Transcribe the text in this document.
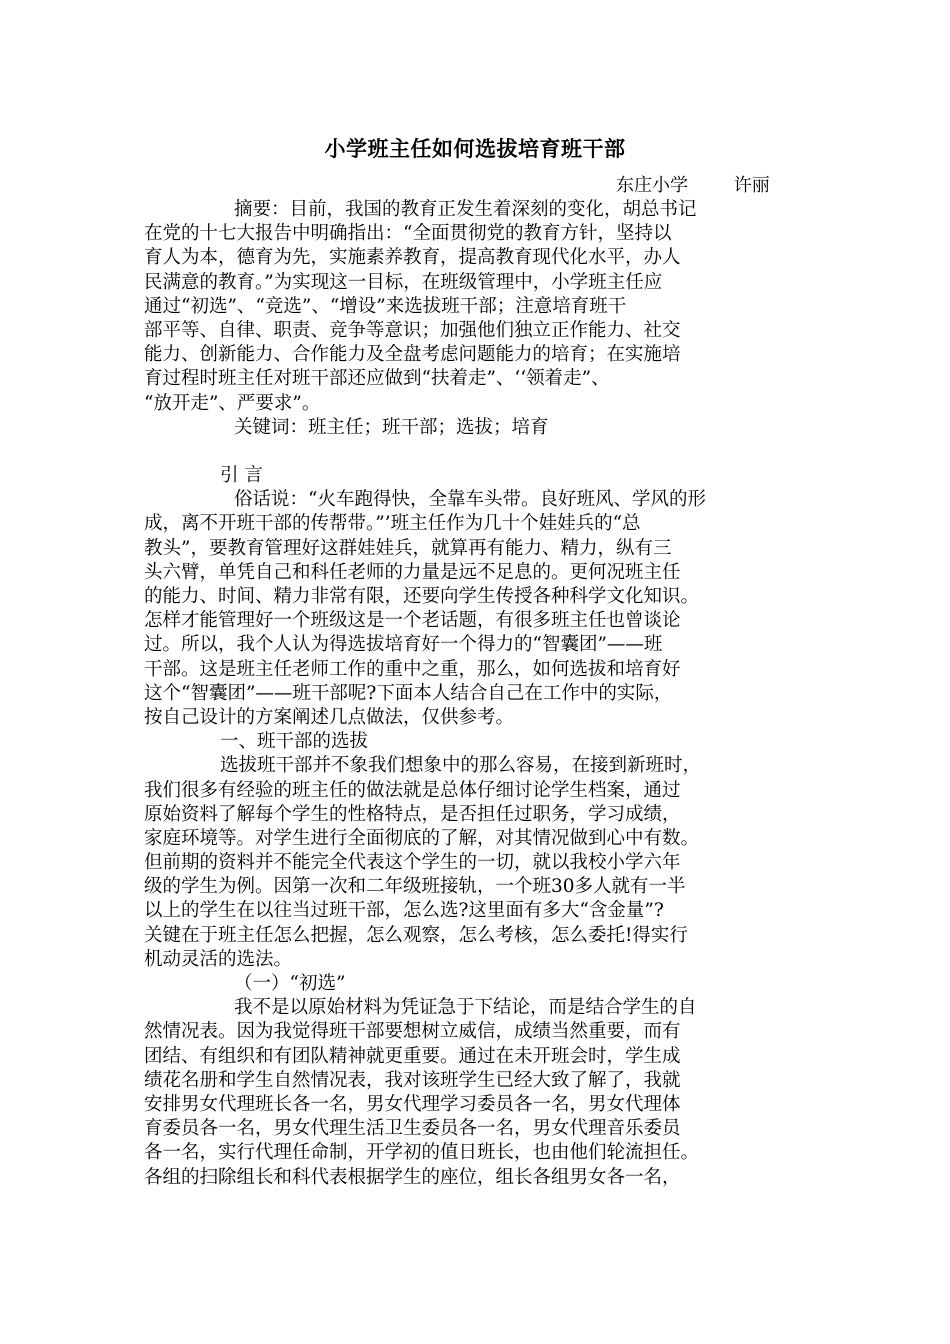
小学班主任如何选拔培育班干部
东庄小学        许丽
摘要：目前，我国的教育正发生着深刻的变化，胡总书记
在党的十七大报告中明确指出：“全面贯彻党的教育方针，坚持以
育人为本，德育为先，实施素养教育，提高教育现代化水平，办人
民满意的教育。”为实现这一目标，在班级管理中，小学班主任应
通过“初选”、“竞选”、“增设”来选拔班干部；注意培育班干
部平等、自律、职责、竞争等意识；加强他们独立正作能力、社交
能力、创新能力、合作能力及全盘考虑问题能力的培育；在实施培
育过程时班主任对班干部还应做到“扶着走”、‘‘领着走”、
“放开走”、严要求”。
关键词：班主任；班干部；选拔；培育
引 言
俗话说：“火车跑得快，全靠车头带。良好班风、学风的形
成，离不开班干部的传帮带。”’班主任作为几十个娃娃兵的“总
教头”，要教育管理好这群娃娃兵，就算再有能力、精力，纵有三
头六臂，单凭自己和科任老师的力量是远不足息的。更何况班主任
的能力、时间、精力非常有限，还要向学生传授各种科学文化知识。
怎样才能管理好一个班级这是一个老话题，有很多班主任也曾谈论
过。所以，我个人认为得选拔培育好一个得力的“智囊团”——班
干部。这是班主任老师工作的重中之重，那么，如何选拔和培育好
这个“智囊团”——班干部呢?下面本人结合自己在工作中的实际，
按自己设计的方案阐述几点做法，仅供参考。
一、班干部的选拔
选拔班干部并不象我们想象中的那么容易，在接到新班时，
我们很多有经验的班主任的做法就是总体仔细讨论学生档案，通过
原始资料了解每个学生的性格特点，是否担任过职务，学习成绩，
家庭环境等。对学生进行全面彻底的了解，对其情况做到心中有数。
但前期的资料并不能完全代表这个学生的一切，就以我校小学六年
级的学生为例。因第一次和二年级班接轨，一个班30多人就有一半
以上的学生在以往当过班干部，怎么选?这里面有多大“含金量”?
关键在于班主任怎么把握，怎么观察，怎么考核，怎么委托!得实行
机动灵活的选法。
（一）“初选”
我不是以原始材料为凭证急于下结论，而是结合学生的自
然情况表。因为我觉得班干部要想树立威信，成绩当然重要，而有
团结、有组织和有团队精神就更重要。通过在未开班会时，学生成
绩花名册和学生自然情况表，我对该班学生已经大致了解了，我就
安排男女代理班长各一名，男女代理学习委员各一名，男女代理体
育委员各一名，男女代理生活卫生委员各一名，男女代理音乐委员
各一名，实行代理任命制，开学初的值日班长，也由他们轮流担任。
各组的扫除组长和科代表根据学生的座位，组长各组男女各一名，
